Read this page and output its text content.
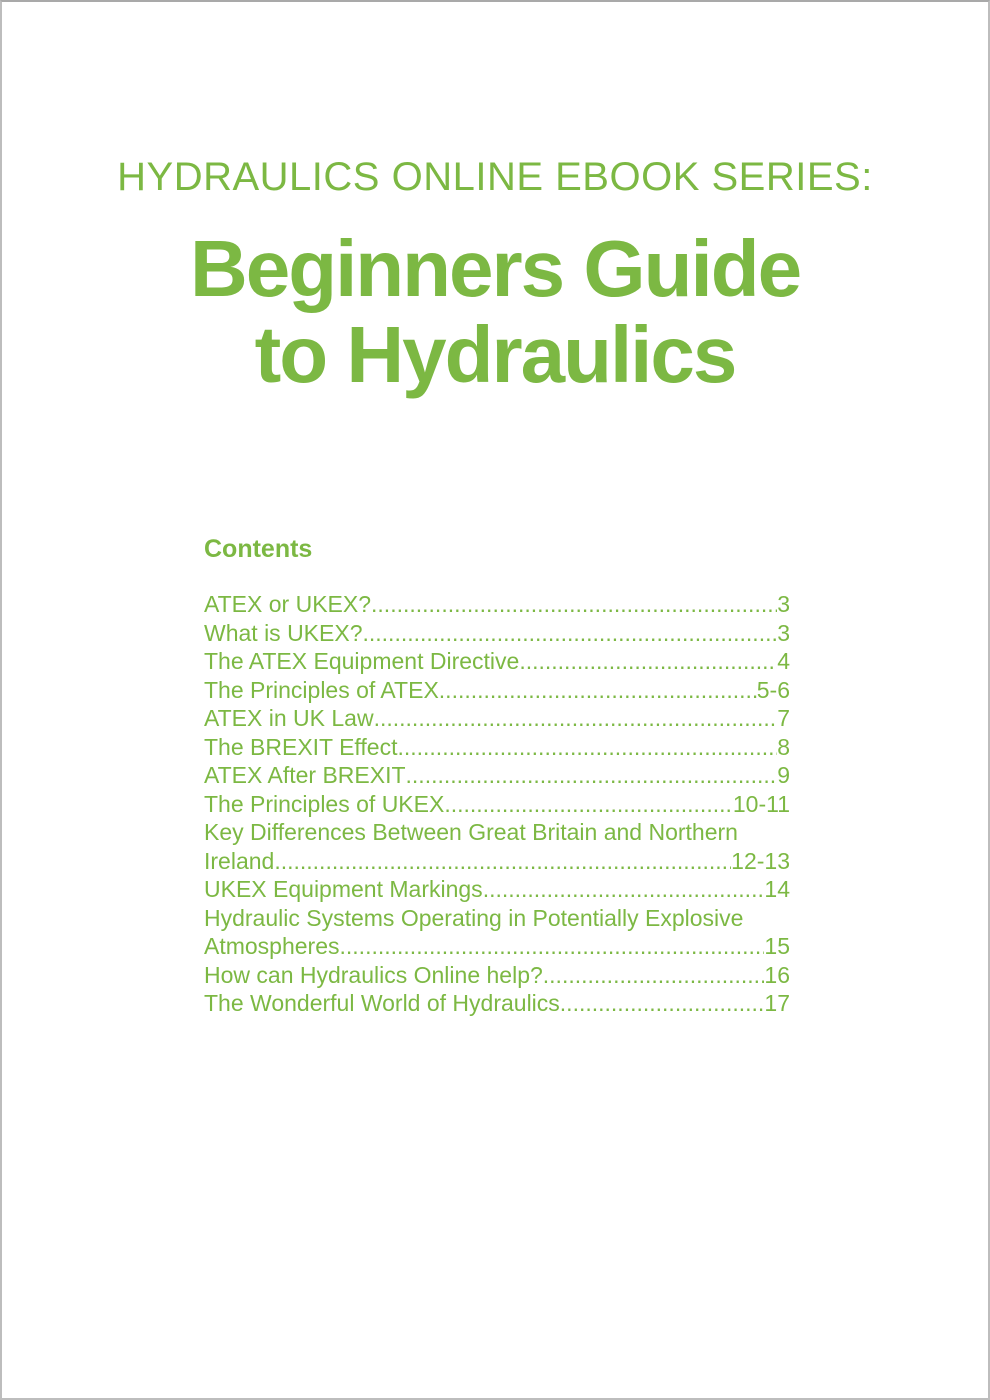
HYDRAULICS ONLINE EBOOK SERIES:
Beginners Guide
to Hydraulics
Contents
ATEX or UKEX? .....	3
What is UKEX? .....	3
The ATEX Equipment Directive .....	4
The Principles of ATEX .....	5-6
ATEX in UK Law .....	7
The BREXIT Effect .....	8
ATEX After BREXIT .....	9
The Principles of UKEX .....	10-11
Key Differences Between Great Britain and Northern
Ireland .....	12-13
UKEX Equipment Markings .....	14
Hydraulic Systems Operating in Potentially Explosive
Atmospheres .....	15
How can Hydraulics Online help? .....	16
The Wonderful World of Hydraulics .....	17
